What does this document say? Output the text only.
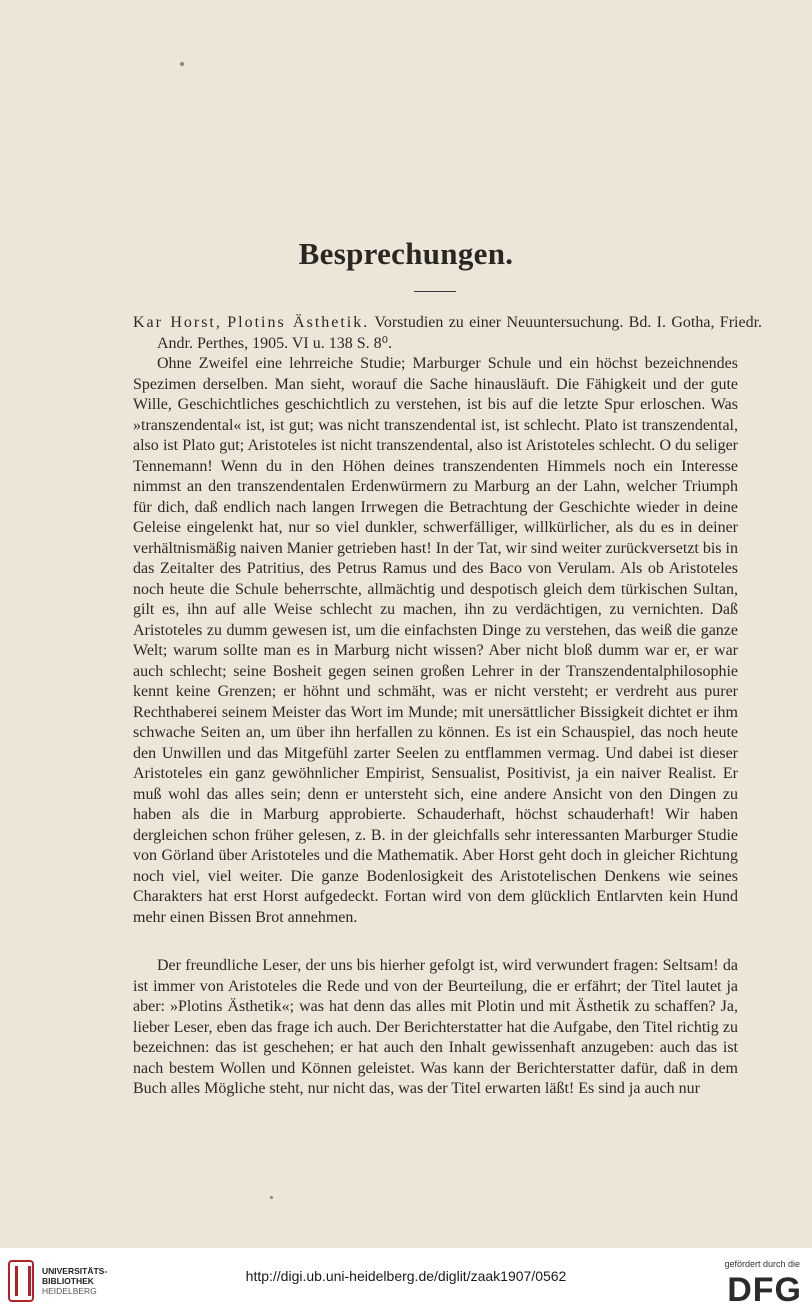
Besprechungen.
Kar Horst, Plotins Ästhetik. Vorstudien zu einer Neuuntersuchung. Bd. I. Gotha, Friedr. Andr. Perthes, 1905. VI u. 138 S. 8⁰.

Ohne Zweifel eine lehrreiche Studie; Marburger Schule und ein höchst bezeichnendes Spezimen derselben. Man sieht, worauf die Sache hinausläuft. Die Fähigkeit und der gute Wille, Geschichtliches geschichtlich zu verstehen, ist bis auf die letzte Spur erloschen. Was »transzendental« ist, ist gut; was nicht transzendental ist, ist schlecht. Plato ist transzendental, also ist Plato gut; Aristoteles ist nicht transzendental, also ist Aristoteles schlecht. O du seliger Tennemann! Wenn du in den Höhen deines transzendenten Himmels noch ein Interesse nimmst an den transzendentalen Erdenwürmern zu Marburg an der Lahn, welcher Triumph für dich, daß endlich nach langen Irrwegen die Betrachtung der Geschichte wieder in deine Geleise eingelenkt hat, nur so viel dunkler, schwerfälliger, willkürlicher, als du es in deiner verhältnismäßig naiven Manier getrieben hast! In der Tat, wir sind weiter zurückversetzt bis in das Zeitalter des Patritius, des Petrus Ramus und des Baco von Verulam. Als ob Aristoteles noch heute die Schule beherrschte, allmächtig und despotisch gleich dem türkischen Sultan, gilt es, ihn auf alle Weise schlecht zu machen, ihn zu verdächtigen, zu vernichten. Daß Aristoteles zu dumm gewesen ist, um die einfachsten Dinge zu verstehen, das weiß die ganze Welt; warum sollte man es in Marburg nicht wissen? Aber nicht bloß dumm war er, er war auch schlecht; seine Bosheit gegen seinen großen Lehrer in der Transzendentalphilosophie kennt keine Grenzen; er höhnt und schmäht, was er nicht versteht; er verdreht aus purer Rechthaberei seinem Meister das Wort im Munde; mit unersättlicher Bissigkeit dichtet er ihm schwache Seiten an, um über ihn herfallen zu können. Es ist ein Schauspiel, das noch heute den Unwillen und das Mitgefühl zarter Seelen zu entflammen vermag. Und dabei ist dieser Aristoteles ein ganz gewöhnlicher Empirist, Sensualist, Positivist, ja ein naiver Realist. Er muß wohl das alles sein; denn er untersteht sich, eine andere Ansicht von den Dingen zu haben als die in Marburg approbierte. Schauderhaft, höchst schauderhaft! Wir haben dergleichen schon früher gelesen, z. B. in der gleichfalls sehr interessanten Marburger Studie von Görland über Aristoteles und die Mathematik. Aber Horst geht doch in gleicher Richtung noch viel, viel weiter. Die ganze Bodenlosigkeit des Aristotelischen Denkens wie seines Charakters hat erst Horst aufgedeckt. Fortan wird von dem glücklich Entlarvten kein Hund mehr einen Bissen Brot annehmen.

Der freundliche Leser, der uns bis hierher gefolgt ist, wird verwundert fragen: Seltsam! da ist immer von Aristoteles die Rede und von der Beurteilung, die er erfährt; der Titel lautet ja aber: »Plotins Ästhetik«; was hat denn das alles mit Plotin und mit Ästhetik zu schaffen? Ja, lieber Leser, eben das frage ich auch. Der Berichterstatter hat die Aufgabe, den Titel richtig zu bezeichnen: das ist geschehen; er hat auch den Inhalt gewissenhaft anzugeben: auch das ist nach bestem Wollen und Können geleistet. Was kann der Berichterstatter dafür, daß in dem Buch alles Mögliche steht, nur nicht das, was der Titel erwarten läßt! Es sind ja auch nur

UNIVERSITÄTS-
BIBLIOTHEK
HEIDELBERG
http://digi.ub.uni-heidelberg.de/diglit/zaak1907/0562
gefördert durch die
DFG
